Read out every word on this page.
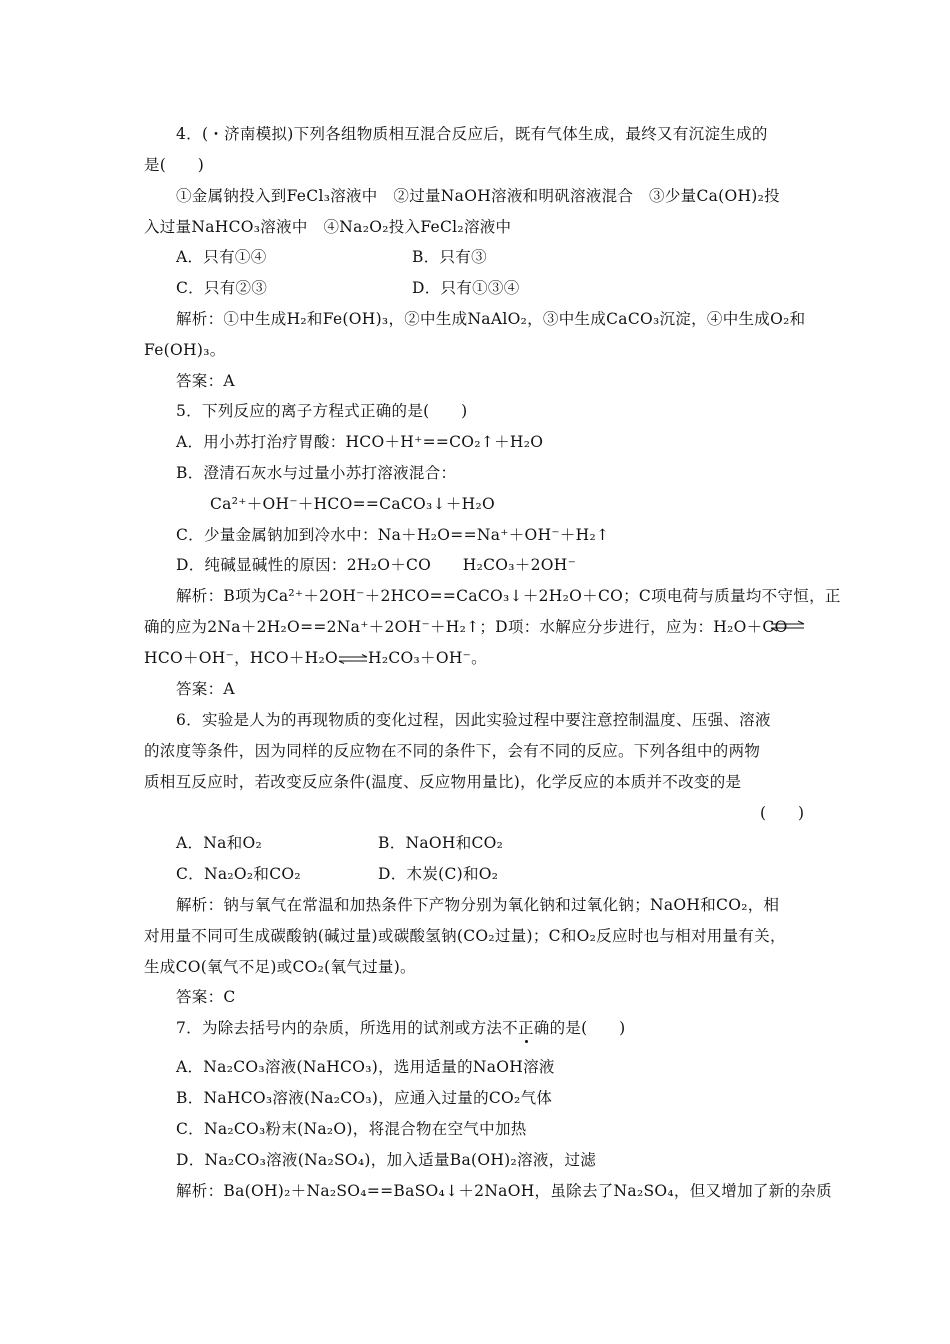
4．(・济南模拟)下列各组物质相互混合反应后，既有气体生成，最终又有沉淀生成的
是(　　)
①金属钠投入到FeCl₃溶液中　②过量NaOH溶液和明矾溶液混合　③少量Ca(OH)₂投
入过量NaHCO₃溶液中　④Na₂O₂投入FeCl₂溶液中
A．只有①④	B．只有③
C．只有②③	D．只有①③④
解析：①中生成H₂和Fe(OH)₃，②中生成NaAlO₂，③中生成CaCO₃沉淀，④中生成O₂和
Fe(OH)₃。
答案：A
5．下列反应的离子方程式正确的是(　　)
A．用小苏打治疗胃酸：HCO＋H⁺==CO₂↑＋H₂O
B．澄清石灰水与过量小苏打溶液混合：
Ca²⁺＋OH⁻＋HCO==CaCO₃↓＋H₂O
C．少量金属钠加到冷水中：Na＋H₂O==Na⁺＋OH⁻＋H₂↑
D．纯碱显碱性的原因：2H₂O＋CO　　H₂CO₃＋2OH⁻
解析：B项为Ca²⁺＋2OH⁻＋2HCO==CaCO₃↓＋2H₂O＋CO；C项电荷与质量均不守恒，正
确的应为2Na＋2H₂O==2Na⁺＋2OH⁻＋H₂↑；D项：水解应分步进行，应为：H₂O＋CO
HCO＋OH⁻，HCO＋H₂O⇌H₂CO₃＋OH⁻。
答案：A
6．实验是人为的再现物质的变化过程，因此实验过程中要注意控制温度、压强、溶液
的浓度等条件，因为同样的反应物在不同的条件下，会有不同的反应。下列各组中的两物
质相互反应时，若改变反应条件(温度、反应物用量比)，化学反应的本质并不改变的是
(　　)
A．Na和O₂	B．NaOH和CO₂
C．Na₂O₂和CO₂	D．木炭(C)和O₂
解析：钠与氧气在常温和加热条件下产物分别为氧化钠和过氧化钠；NaOH和CO₂，相
对用量不同可生成碳酸钠(碱过量)或碳酸氢钠(CO₂过量)；C和O₂反应时也与相对用量有关，
生成CO(氧气不足)或CO₂(氧气过量)。
答案：C
7．为除去括号内的杂质，所选用的试剂或方法不正确的是(　　)
A．Na₂CO₃溶液(NaHCO₃)，选用适量的NaOH溶液
B．NaHCO₃溶液(Na₂CO₃)，应通入过量的CO₂气体
C．Na₂CO₃粉末(Na₂O)，将混合物在空气中加热
D．Na₂CO₃溶液(Na₂SO₄)，加入适量Ba(OH)₂溶液，过滤
解析：Ba(OH)₂＋Na₂SO₄==BaSO₄↓＋2NaOH，虽除去了Na₂SO₄，但又增加了新的杂质
